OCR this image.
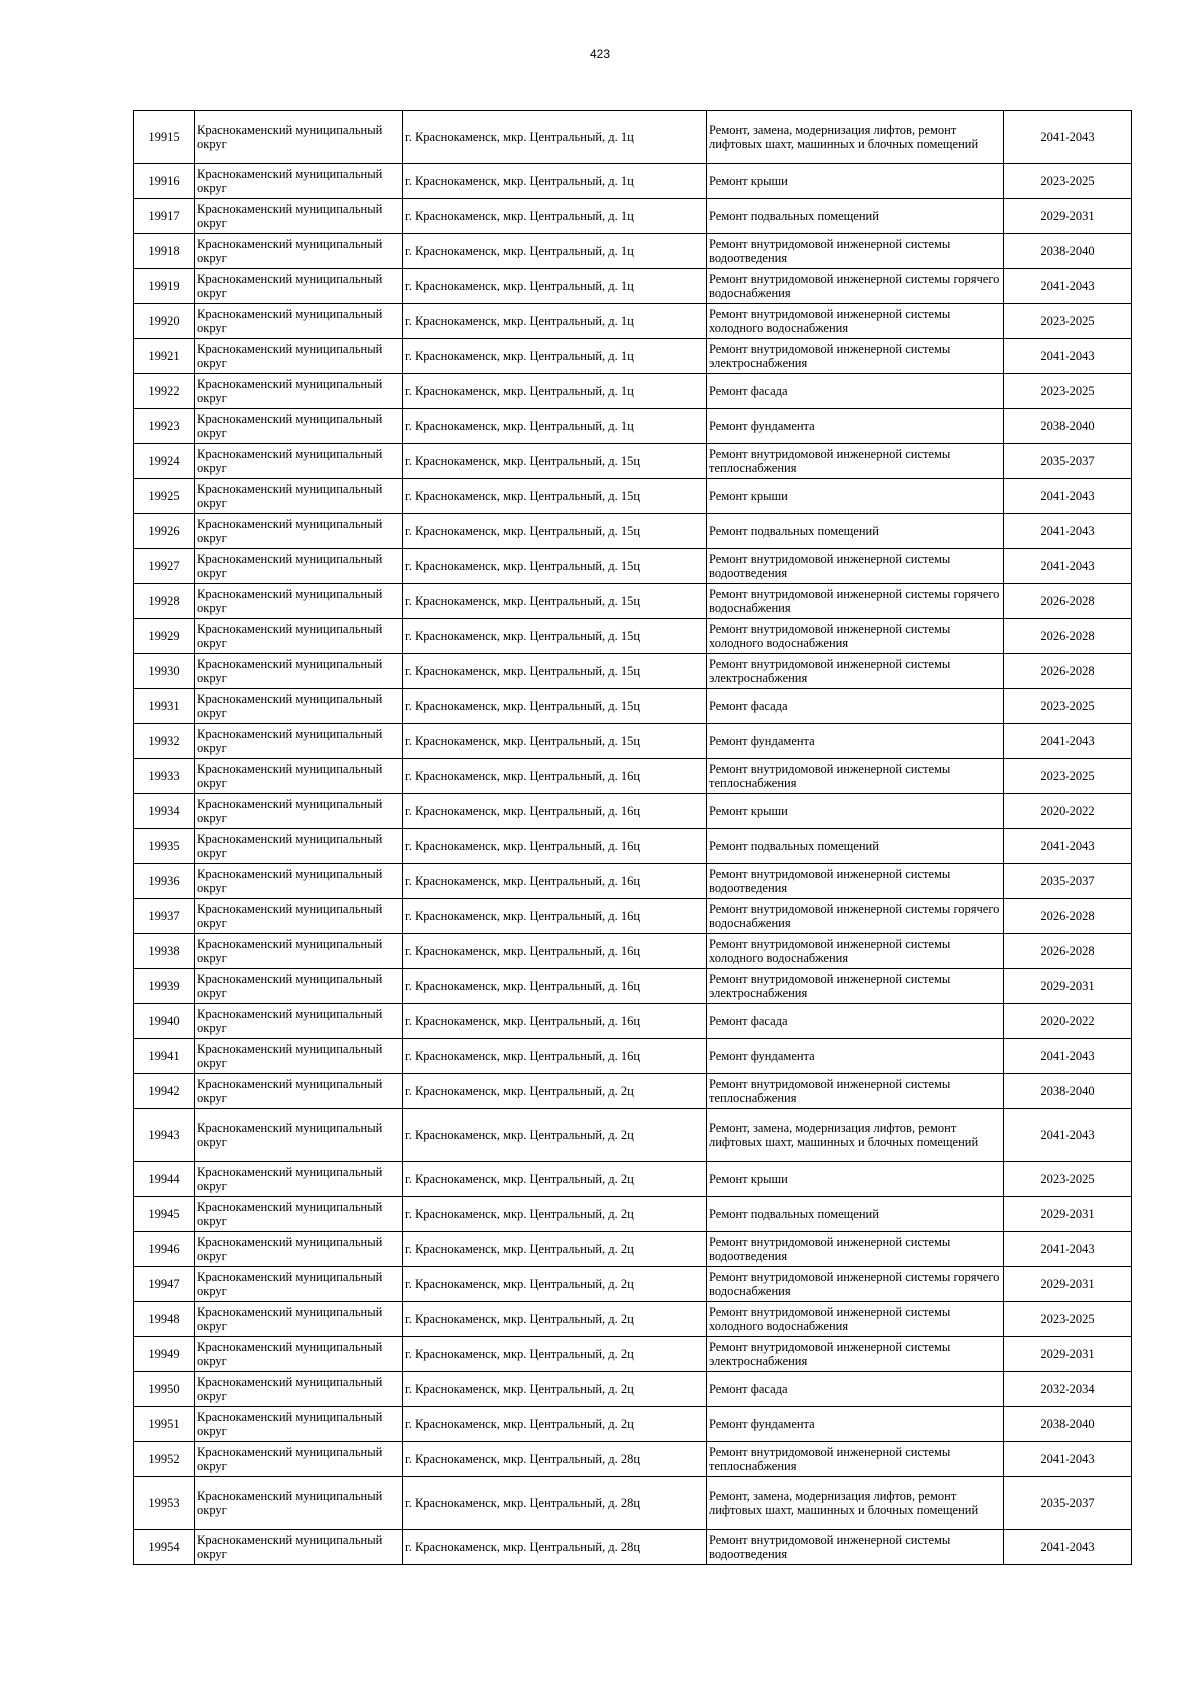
423
19915	Краснокаменский муниципальный округ	г. Краснокаменск, мкр. Центральный, д. 1ц	Ремонт, замена, модернизация лифтов, ремонт лифтовых шахт, машинных и блочных помещений	2041-2043
19916	Краснокаменский муниципальный округ	г. Краснокаменск, мкр. Центральный, д. 1ц	Ремонт крыши	2023-2025
19917	Краснокаменский муниципальный округ	г. Краснокаменск, мкр. Центральный, д. 1ц	Ремонт подвальных помещений	2029-2031
19918	Краснокаменский муниципальный округ	г. Краснокаменск, мкр. Центральный, д. 1ц	Ремонт внутридомовой инженерной системы водоотведения	2038-2040
19919	Краснокаменский муниципальный округ	г. Краснокаменск, мкр. Центральный, д. 1ц	Ремонт внутридомовой инженерной системы горячего водоснабжения	2041-2043
19920	Краснокаменский муниципальный округ	г. Краснокаменск, мкр. Центральный, д. 1ц	Ремонт внутридомовой инженерной системы холодного водоснабжения	2023-2025
19921	Краснокаменский муниципальный округ	г. Краснокаменск, мкр. Центральный, д. 1ц	Ремонт внутридомовой инженерной системы электроснабжения	2041-2043
19922	Краснокаменский муниципальный округ	г. Краснокаменск, мкр. Центральный, д. 1ц	Ремонт фасада	2023-2025
19923	Краснокаменский муниципальный округ	г. Краснокаменск, мкр. Центральный, д. 1ц	Ремонт фундамента	2038-2040
19924	Краснокаменский муниципальный округ	г. Краснокаменск, мкр. Центральный, д. 15ц	Ремонт внутридомовой инженерной системы теплоснабжения	2035-2037
19925	Краснокаменский муниципальный округ	г. Краснокаменск, мкр. Центральный, д. 15ц	Ремонт крыши	2041-2043
19926	Краснокаменский муниципальный округ	г. Краснокаменск, мкр. Центральный, д. 15ц	Ремонт подвальных помещений	2041-2043
19927	Краснокаменский муниципальный округ	г. Краснокаменск, мкр. Центральный, д. 15ц	Ремонт внутридомовой инженерной системы водоотведения	2041-2043
19928	Краснокаменский муниципальный округ	г. Краснокаменск, мкр. Центральный, д. 15ц	Ремонт внутридомовой инженерной системы горячего водоснабжения	2026-2028
19929	Краснокаменский муниципальный округ	г. Краснокаменск, мкр. Центральный, д. 15ц	Ремонт внутридомовой инженерной системы холодного водоснабжения	2026-2028
19930	Краснокаменский муниципальный округ	г. Краснокаменск, мкр. Центральный, д. 15ц	Ремонт внутридомовой инженерной системы электроснабжения	2026-2028
19931	Краснокаменский муниципальный округ	г. Краснокаменск, мкр. Центральный, д. 15ц	Ремонт фасада	2023-2025
19932	Краснокаменский муниципальный округ	г. Краснокаменск, мкр. Центральный, д. 15ц	Ремонт фундамента	2041-2043
19933	Краснокаменский муниципальный округ	г. Краснокаменск, мкр. Центральный, д. 16ц	Ремонт внутридомовой инженерной системы теплоснабжения	2023-2025
19934	Краснокаменский муниципальный округ	г. Краснокаменск, мкр. Центральный, д. 16ц	Ремонт крыши	2020-2022
19935	Краснокаменский муниципальный округ	г. Краснокаменск, мкр. Центральный, д. 16ц	Ремонт подвальных помещений	2041-2043
19936	Краснокаменский муниципальный округ	г. Краснокаменск, мкр. Центральный, д. 16ц	Ремонт внутридомовой инженерной системы водоотведения	2035-2037
19937	Краснокаменский муниципальный округ	г. Краснокаменск, мкр. Центральный, д. 16ц	Ремонт внутридомовой инженерной системы горячего водоснабжения	2026-2028
19938	Краснокаменский муниципальный округ	г. Краснокаменск, мкр. Центральный, д. 16ц	Ремонт внутридомовой инженерной системы холодного водоснабжения	2026-2028
19939	Краснокаменский муниципальный округ	г. Краснокаменск, мкр. Центральный, д. 16ц	Ремонт внутридомовой инженерной системы электроснабжения	2029-2031
19940	Краснокаменский муниципальный округ	г. Краснокаменск, мкр. Центральный, д. 16ц	Ремонт фасада	2020-2022
19941	Краснокаменский муниципальный округ	г. Краснокаменск, мкр. Центральный, д. 16ц	Ремонт фундамента	2041-2043
19942	Краснокаменский муниципальный округ	г. Краснокаменск, мкр. Центральный, д. 2ц	Ремонт внутридомовой инженерной системы теплоснабжения	2038-2040
19943	Краснокаменский муниципальный округ	г. Краснокаменск, мкр. Центральный, д. 2ц	Ремонт, замена, модернизация лифтов, ремонт лифтовых шахт, машинных и блочных помещений	2041-2043
19944	Краснокаменский муниципальный округ	г. Краснокаменск, мкр. Центральный, д. 2ц	Ремонт крыши	2023-2025
19945	Краснокаменский муниципальный округ	г. Краснокаменск, мкр. Центральный, д. 2ц	Ремонт подвальных помещений	2029-2031
19946	Краснокаменский муниципальный округ	г. Краснокаменск, мкр. Центральный, д. 2ц	Ремонт внутридомовой инженерной системы водоотведения	2041-2043
19947	Краснокаменский муниципальный округ	г. Краснокаменск, мкр. Центральный, д. 2ц	Ремонт внутридомовой инженерной системы горячего водоснабжения	2029-2031
19948	Краснокаменский муниципальный округ	г. Краснокаменск, мкр. Центральный, д. 2ц	Ремонт внутридомовой инженерной системы холодного водоснабжения	2023-2025
19949	Краснокаменский муниципальный округ	г. Краснокаменск, мкр. Центральный, д. 2ц	Ремонт внутридомовой инженерной системы электроснабжения	2029-2031
19950	Краснокаменский муниципальный округ	г. Краснокаменск, мкр. Центральный, д. 2ц	Ремонт фасада	2032-2034
19951	Краснокаменский муниципальный округ	г. Краснокаменск, мкр. Центральный, д. 2ц	Ремонт фундамента	2038-2040
19952	Краснокаменский муниципальный округ	г. Краснокаменск, мкр. Центральный, д. 28ц	Ремонт внутридомовой инженерной системы теплоснабжения	2041-2043
19953	Краснокаменский муниципальный округ	г. Краснокаменск, мкр. Центральный, д. 28ц	Ремонт, замена, модернизация лифтов, ремонт лифтовых шахт, машинных и блочных помещений	2035-2037
19954	Краснокаменский муниципальный округ	г. Краснокаменск, мкр. Центральный, д. 28ц	Ремонт внутридомовой инженерной системы водоотведения	2041-2043
